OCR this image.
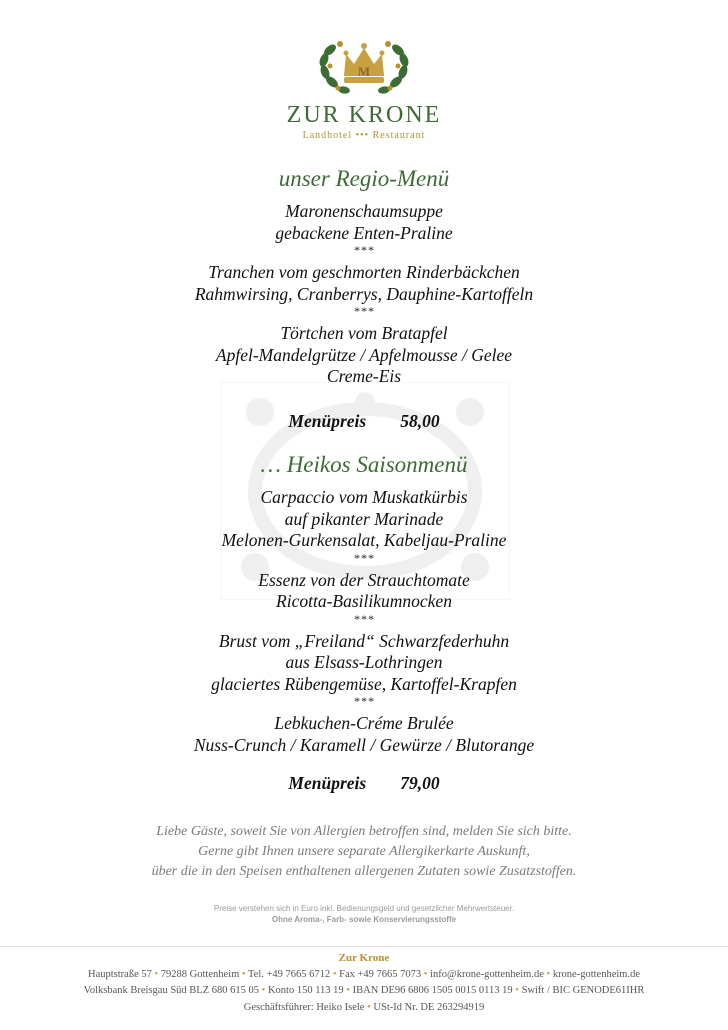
M
ZUR KRONE
Landhotel ••• Restaurant
unser Regio-Menü
Maronenschaumsuppe
gebackene Enten-Praline
***
Tranchen vom geschmorten Rinderbäckchen
Rahmwirsing, Cranberrys, Dauphine-Kartoffeln
***
Törtchen vom Bratapfel
Apfel-Mandelgrütze / Apfelmousse / Gelee
Creme-Eis
Menüpreis 58,00
… Heikos Saisonmenü
Carpaccio vom Muskatkürbis
auf pikanter Marinade
Melonen-Gurkensalat, Kabeljau-Praline
***
Essenz von der Strauchtomate
Ricotta-Basilikumnocken
***
Brust vom „Freiland“ Schwarzfederhuhn
aus Elsass-Lothringen
glaciertes Rübengemüse, Kartoffel-Krapfen
***
Lebkuchen-Créme Brulée
Nuss-Crunch / Karamell / Gewürze / Blutorange
Menüpreis 79,00
Liebe Gäste, soweit Sie von Allergien betroffen sind, melden Sie sich bitte.
Gerne gibt Ihnen unsere separate Allergikerkarte Auskunft,
über die in den Speisen enthaltenen allergenen Zutaten sowie Zusatzstoffen.
Preise verstehen sich in Euro inkl. Bedienungsgeld und gesetzlicher Mehrwertsteuer.
Ohne Aroma-, Farb- sowie Konservierungsstoffe
Zur Krone
Hauptstraße 57 • 79288 Gottenheim • Tel. +49 7665 6712 • Fax +49 7665 7073 • info@krone-gottenheim.de • krone-gottenheim.de
Volksbank Breisgau Süd BLZ 680 615 05 • Konto 150 113 19 • IBAN DE96 6806 1505 0015 0113 19 • Swift / BIC GENODE61IHR
Geschäftsführer: Heiko Isele • USt-Id Nr. DE 263294919
